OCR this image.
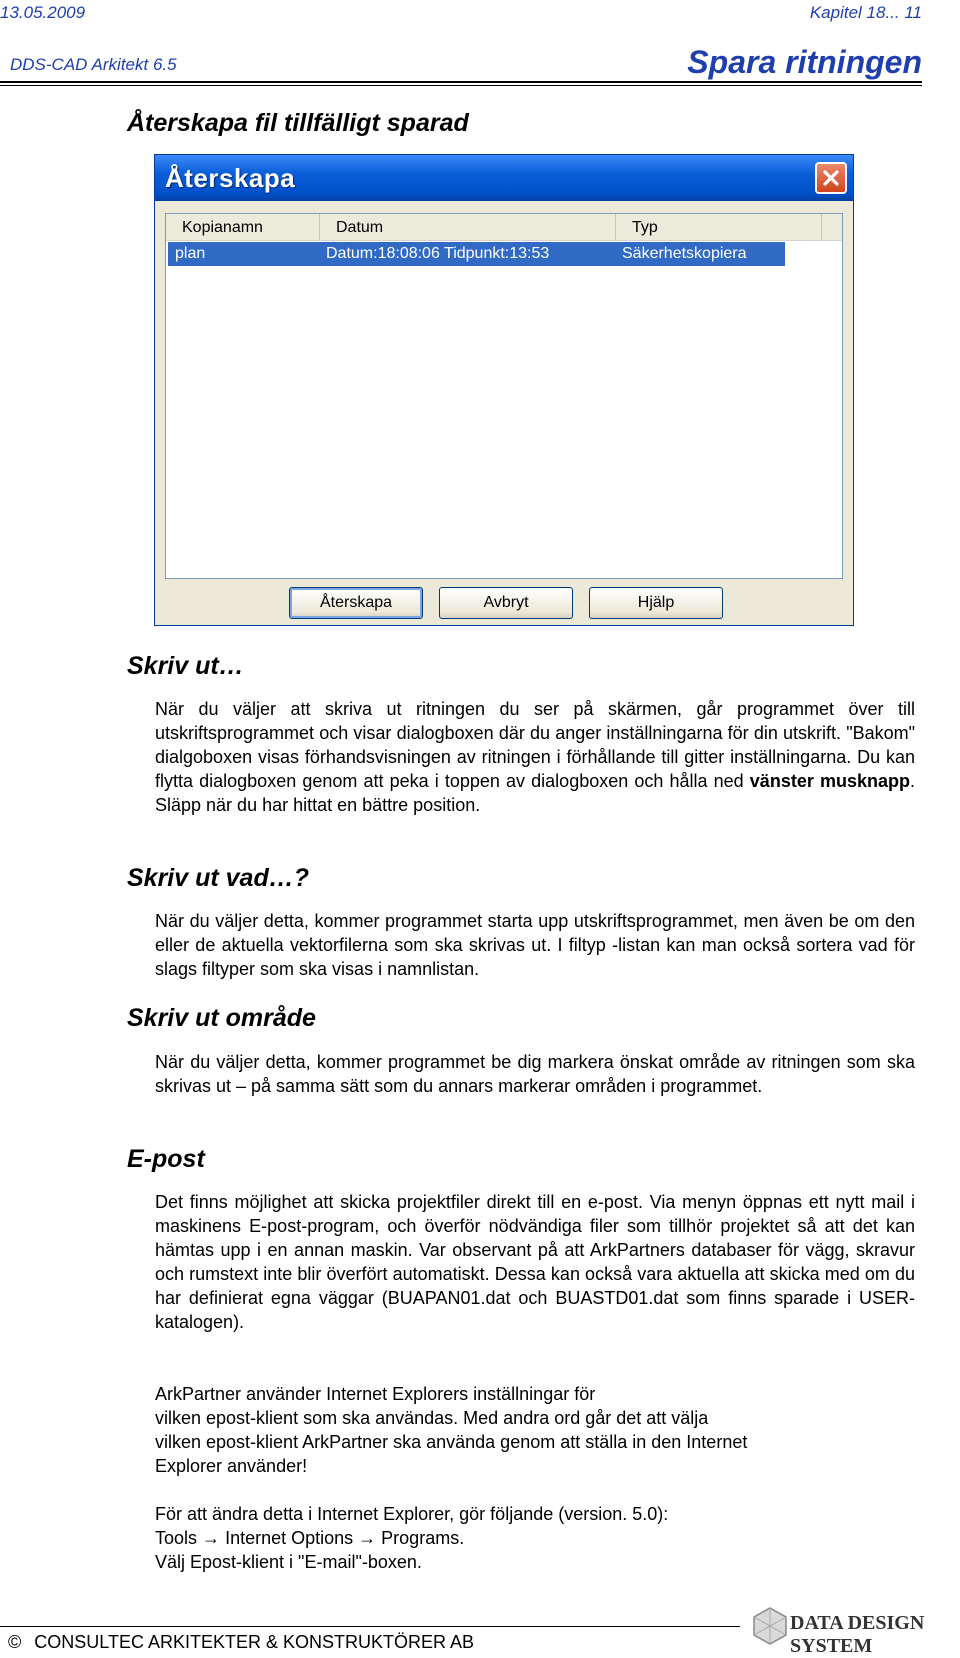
13.05.2009	Kapitel 18... 11
DDS-CAD Arkitekt 6.5	Spara ritningen
Återskapa fil tillfälligt sparad
Återskapa
Kopianamn	Datum	Typ
plan	Datum:18:08:06 Tidpunkt:13:53	Säkerhetskopiera
Återskapa	Avbryt	Hjälp
Skriv ut…

När du väljer att skriva ut ritningen du ser på skärmen, går programmet över till utskriftsprogrammet och visar dialogboxen där du anger inställningarna för din utskrift. "Bakom" dialgoboxen visas förhandsvisningen av ritningen i förhållande till gitter inställningarna. Du kan flytta dialogboxen genom att peka i toppen av dialogboxen och hålla ned vänster musknapp. Släpp när du har hittat en bättre position.

Skriv ut vad…?
När du väljer detta, kommer programmet starta upp utskriftsprogrammet, men även be om den eller de aktuella vektorfilerna som ska skrivas ut. I filtyp -listan kan man också sortera vad för slags filtyper som ska visas i namnlistan.
Skriv ut område
När du väljer detta, kommer programmet be dig markera önskat område av ritningen som ska skrivas ut – på samma sätt som du annars markerar områden i programmet.
E-post
Det finns möjlighet att skicka projektfiler direkt till en e-post. Via menyn öppnas ett nytt mail i maskinens E-post-program, och överför nödvändiga filer som tillhör projektet så att det kan hämtas upp i en annan maskin. Var observant på att ArkPartners databaser för vägg, skravur och rumstext inte blir överfört automatiskt. Dessa kan också vara aktuella att skicka med om du har definierat egna väggar (BUAPAN01.dat och BUASTD01.dat som finns sparade i USER-katalogen).
ArkPartner använder Internet Explorers inställningar för
vilken epost-klient som ska användas. Med andra ord går det att välja
vilken epost-klient ArkPartner ska använda genom att ställa in den Internet
Explorer använder!
För att ändra detta i Internet Explorer, gör följande (version. 5.0):
Tools → Internet Options → Programs.
Välj Epost-klient i "E-mail"-boxen.
© CONSULTEC ARKITEKTER & KONSTRUKTÖRER AB
DATA DESIGN SYSTEM
